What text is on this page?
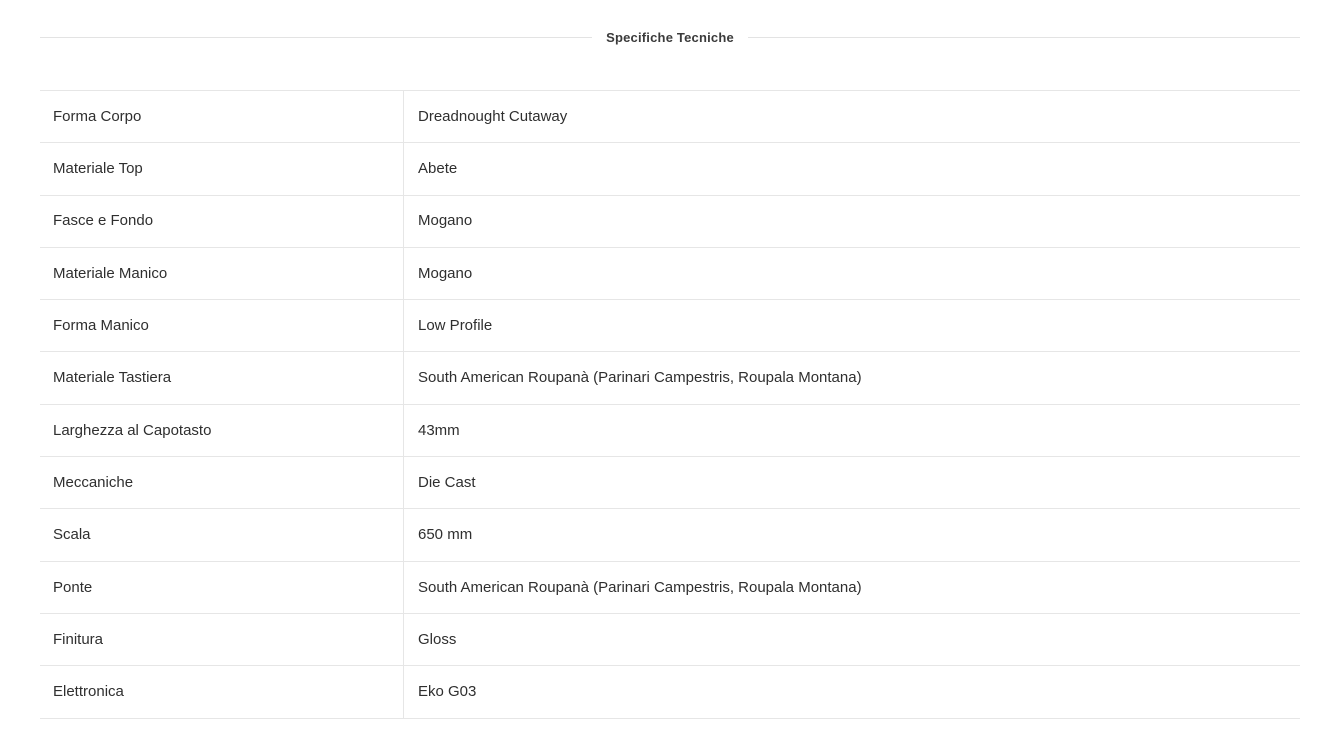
Specifiche Tecniche
Forma Corpo	Dreadnought Cutaway
Materiale Top	Abete
Fasce e Fondo	Mogano
Materiale Manico	Mogano
Forma Manico	Low Profile
Materiale Tastiera	South American Roupanà (Parinari Campestris, Roupala Montana)
Larghezza al Capotasto	43mm
Meccaniche	Die Cast
Scala	650 mm
Ponte	South American Roupanà (Parinari Campestris, Roupala Montana)
Finitura	Gloss
Elettronica	Eko G03
